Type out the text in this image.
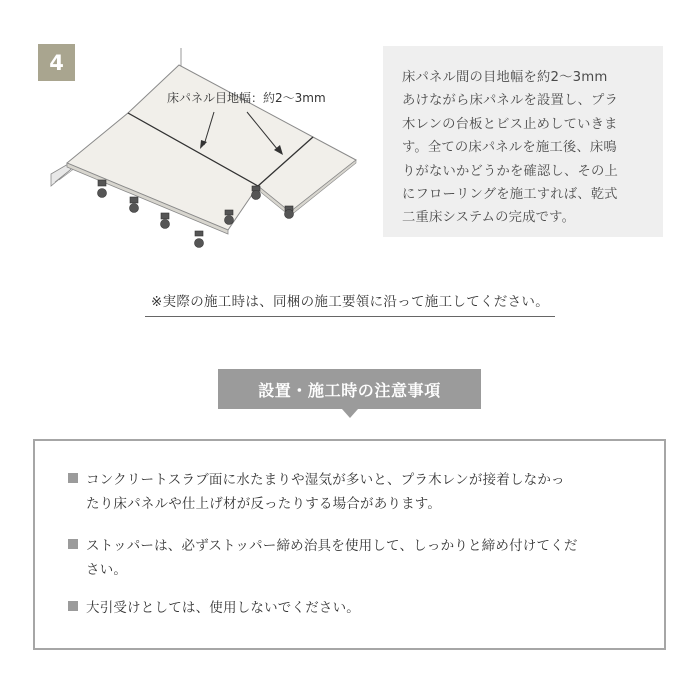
4
床パネル目地幅：約2～3mm
床パネル間の目地幅を約2～3mm
あけながら床パネルを設置し、プラ
木レンの台板とビス止めしていきま
す。全ての床パネルを施工後、床鳴
りがないかどうかを確認し、その上
にフローリングを施工すれば、乾式
二重床システムの完成です。
※実際の施工時は、同梱の施工要領に沿って施工してください。
設置・施工時の注意事項
コンクリートスラブ面に水たまりや湿気が多いと、プラ木レンが接着しなかっ
たり床パネルや仕上げ材が反ったりする場合があります。
ストッパーは、必ずストッパー締め治具を使用して、しっかりと締め付けてくだ
さい。
大引受けとしては、使用しないでください。
